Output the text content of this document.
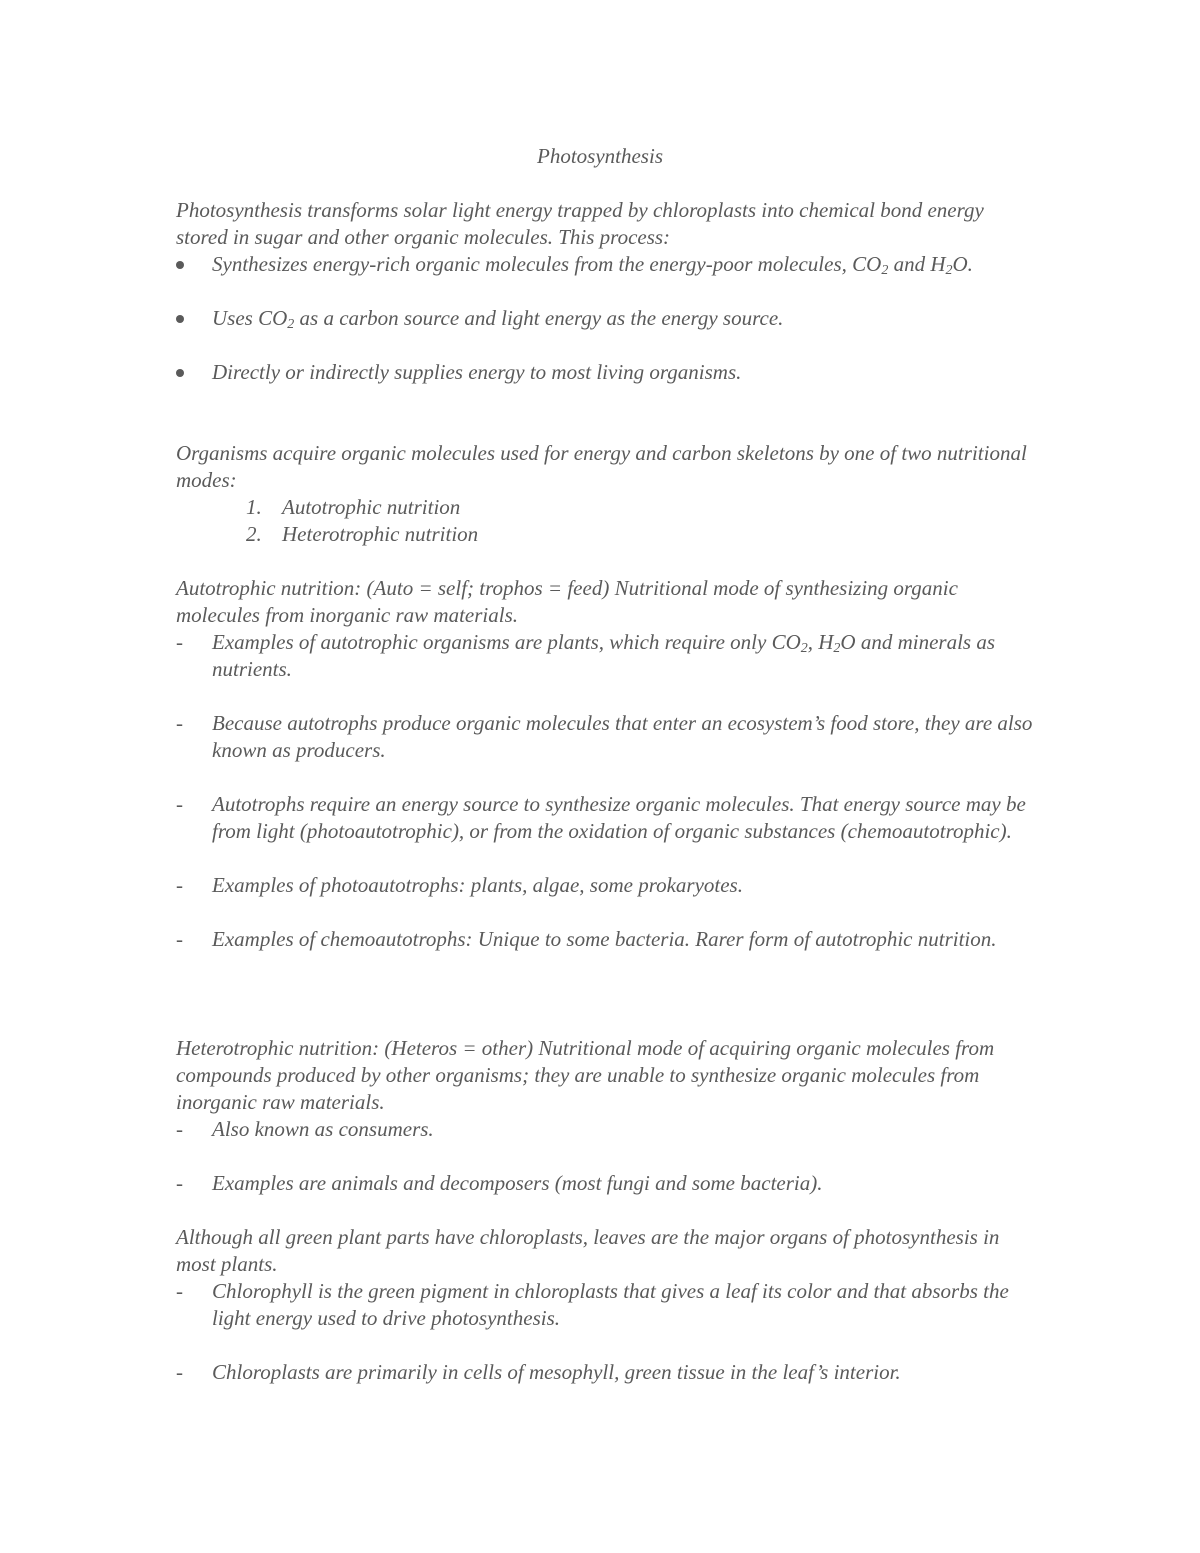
Photosynthesis

Photosynthesis transforms solar light energy trapped by chloroplasts into chemical bond energy stored in sugar and other organic molecules. This process:

Synthesizes energy-rich organic molecules from the energy-poor molecules, $CO_2$ and $H_2O$.
Uses $CO_2$ as a carbon source and light energy as the energy source.
Directly or indirectly supplies energy to most living organisms.

Organisms acquire organic molecules used for energy and carbon skeletons by one of two nutritional modes:

1. Autotrophic nutrition
2. Heterotrophic nutrition

Autotrophic nutrition: (Auto = self; trophos = feed) Nutritional mode of synthesizing organic molecules from inorganic raw materials.

- Examples of autotrophic organisms are plants, which require only $CO_2$, $H_2O$ and minerals as nutrients.
- Because autotrophs produce organic molecules that enter an ecosystem’s food store, they are also known as producers.
- Autotrophs require an energy source to synthesize organic molecules. That energy source may be from light (photoautotrophic), or from the oxidation of organic substances (chemoautotrophic).
- Examples of photoautotrophs: plants, algae, some prokaryotes.
- Examples of chemoautotrophs: Unique to some bacteria. Rarer form of autotrophic nutrition.

Heterotrophic nutrition: (Heteros = other) Nutritional mode of acquiring organic molecules from compounds produced by other organisms; they are unable to synthesize organic molecules from inorganic raw materials.

- Also known as consumers.
- Examples are animals and decomposers (most fungi and some bacteria).

Although all green plant parts have chloroplasts, leaves are the major organs of photosynthesis in most plants.

- Chlorophyll is the green pigment in chloroplasts that gives a leaf its color and that absorbs the light energy used to drive photosynthesis.
- Chloroplasts are primarily in cells of mesophyll, green tissue in the leaf’s interior.
